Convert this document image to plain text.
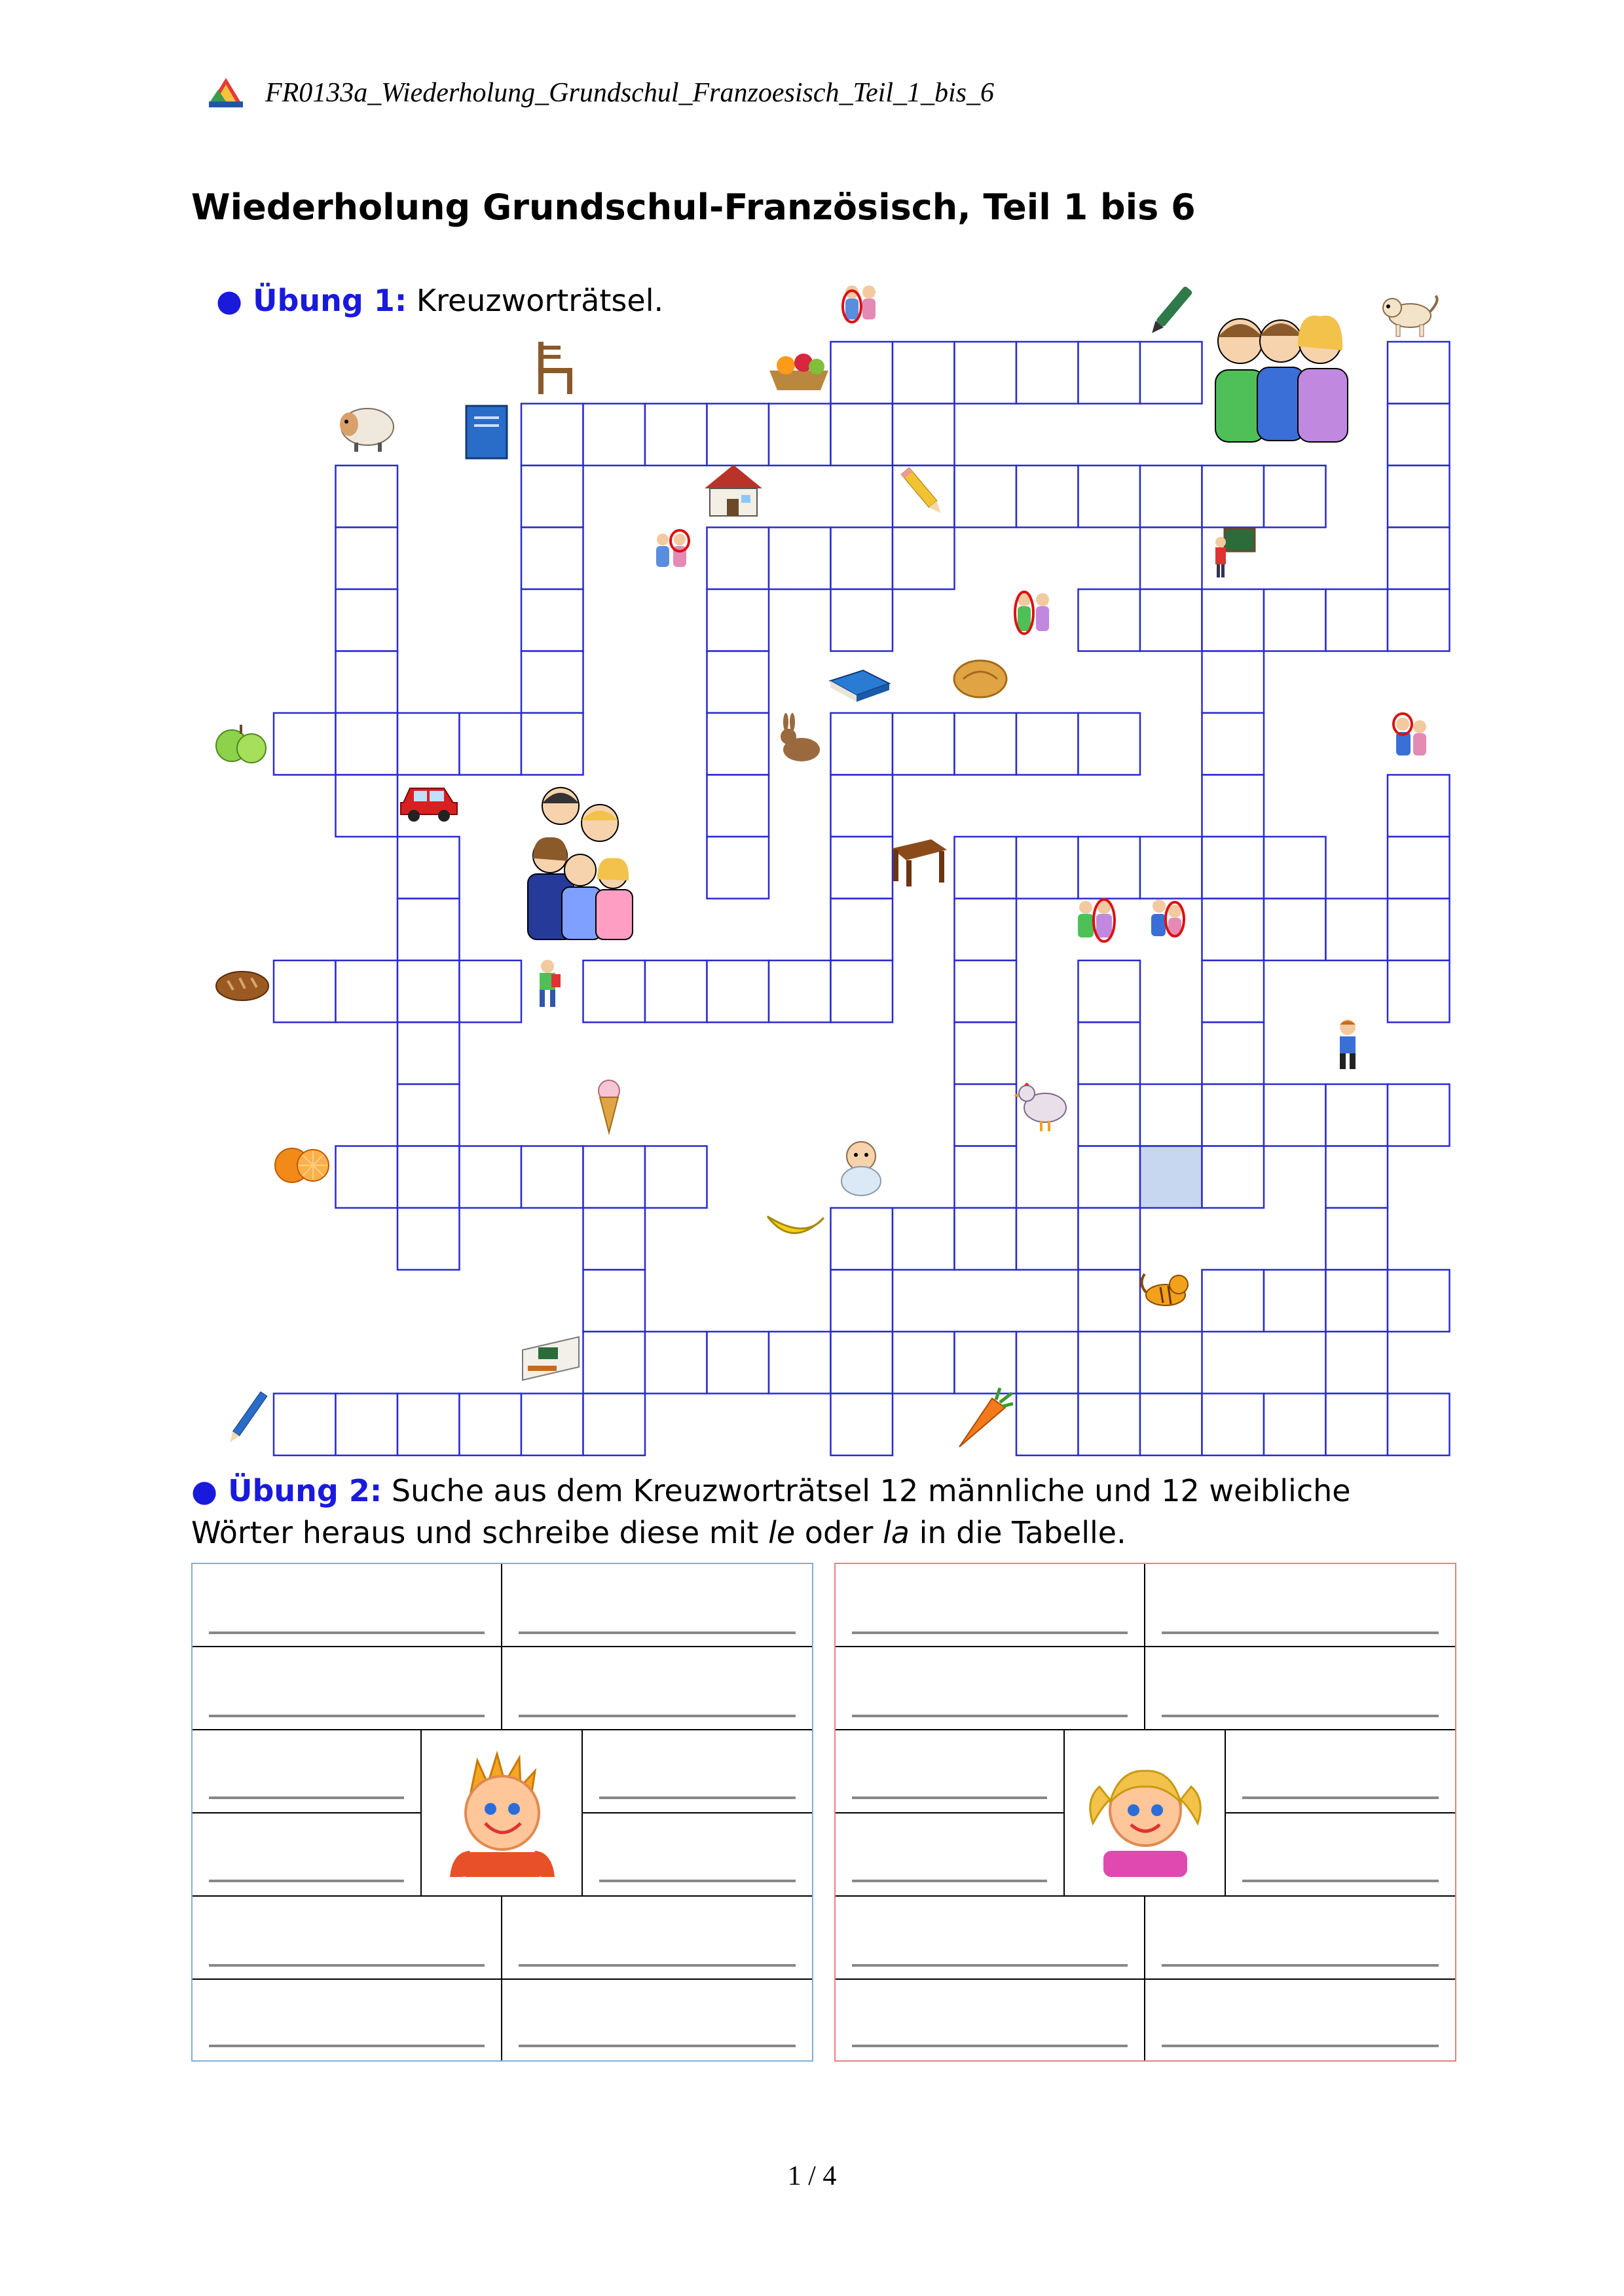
FR0133a_Wiederholung_Grundschul_Franzoesisch_Teil_1_bis_6
Wiederholung Grundschul-Französisch, Teil 1 bis 6
● Übung 1: Kreuzworträtsel.
● Übung 2: Suche aus dem Kreuzworträtsel 12 männliche und 12 weibliche Wörter heraus und schreibe diese mit le oder la in die Tabelle.
1 / 4
